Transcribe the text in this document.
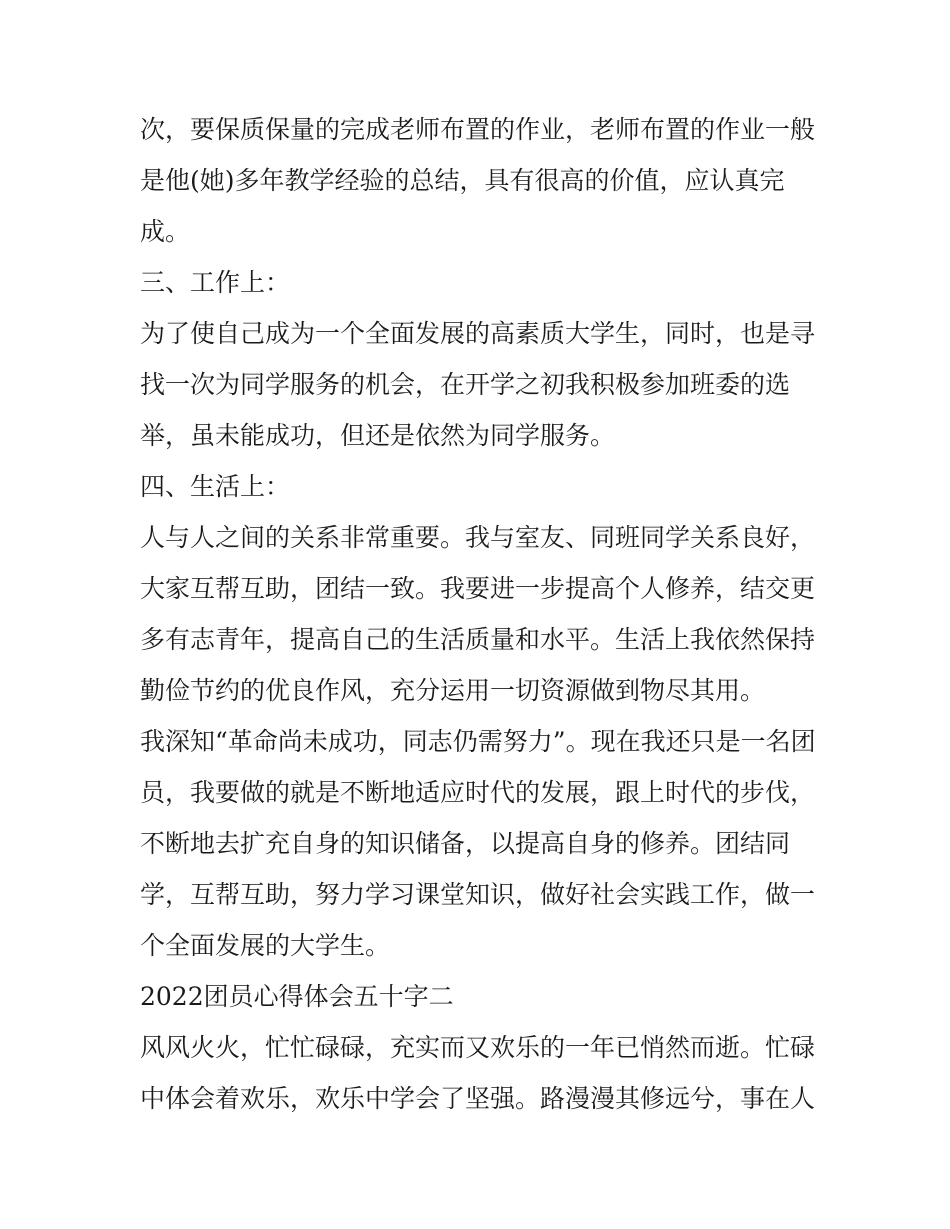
次，要保质保量的完成老师布置的作业，老师布置的作业一般
是他(她)多年教学经验的总结，具有很高的价值，应认真完
成。
三、工作上：
为了使自己成为一个全面发展的高素质大学生，同时，也是寻
找一次为同学服务的机会，在开学之初我积极参加班委的选
举，虽未能成功，但还是依然为同学服务。
四、生活上：
人与人之间的关系非常重要。我与室友、同班同学关系良好，
大家互帮互助，团结一致。我要进一步提高个人修养，结交更
多有志青年，提高自己的生活质量和水平。生活上我依然保持
勤俭节约的优良作风，充分运用一切资源做到物尽其用。
我深知“革命尚未成功，同志仍需努力”。现在我还只是一名团
员，我要做的就是不断地适应时代的发展，跟上时代的步伐，
不断地去扩充自身的知识储备，以提高自身的修养。团结同
学，互帮互助，努力学习课堂知识，做好社会实践工作，做一
个全面发展的大学生。
2022团员心得体会五十字二
风风火火，忙忙碌碌，充实而又欢乐的一年已悄然而逝。忙碌
中体会着欢乐，欢乐中学会了坚强。路漫漫其修远兮，事在人
